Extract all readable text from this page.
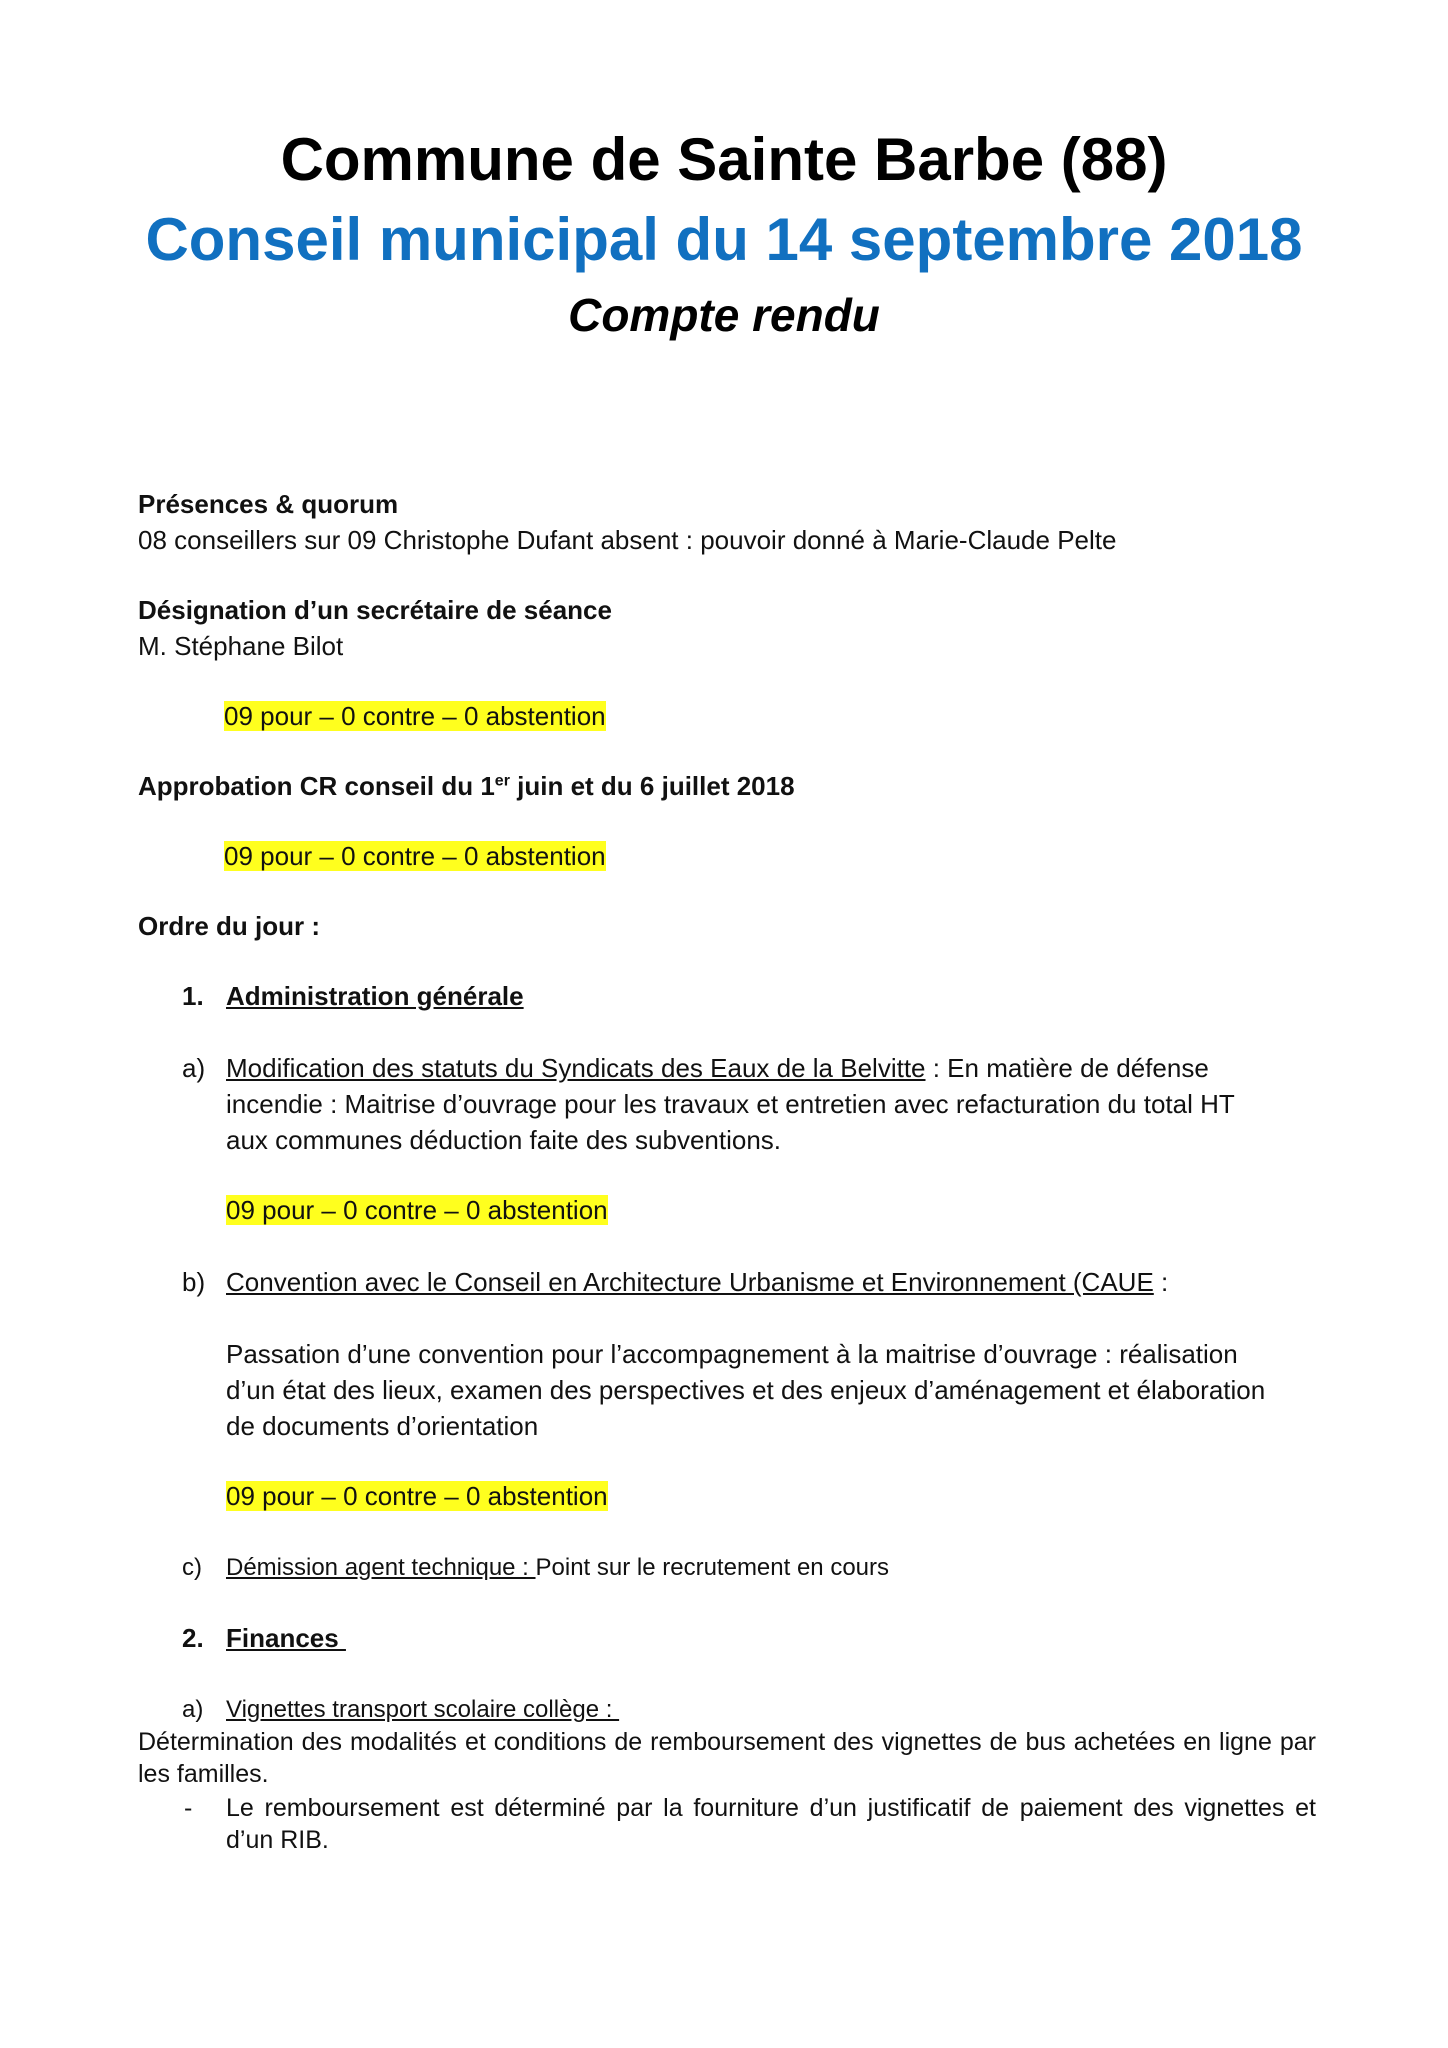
Commune de Sainte Barbe (88)
Conseil municipal du 14 septembre 2018
Compte rendu
Présences & quorum
08 conseillers sur 09 Christophe Dufant absent : pouvoir donné à Marie-Claude Pelte
Désignation d’un secrétaire de séance
M. Stéphane Bilot
09 pour – 0 contre – 0 abstention
Approbation CR conseil du 1er juin et du 6 juillet 2018
09 pour – 0 contre – 0 abstention
Ordre du jour :
1. Administration générale
a) Modification des statuts du Syndicats des Eaux de la Belvitte : En matière de défense
incendie : Maitrise d’ouvrage pour les travaux et entretien avec refacturation du total HT
aux communes déduction faite des subventions.
09 pour – 0 contre – 0 abstention
b) Convention avec le Conseil en Architecture Urbanisme et Environnement (CAUE :
Passation d’une convention pour l’accompagnement à la maitrise d’ouvrage : réalisation
d’un état des lieux, examen des perspectives et des enjeux d’aménagement et élaboration
de documents d’orientation
09 pour – 0 contre – 0 abstention
c) Démission agent technique : Point sur le recrutement en cours
2. Finances
a) Vignettes transport scolaire collège :
Détermination des modalités et conditions de remboursement des vignettes de bus achetées en ligne par
les familles.
- Le remboursement est déterminé par la fourniture d’un justificatif de paiement des vignettes et
d’un RIB.
